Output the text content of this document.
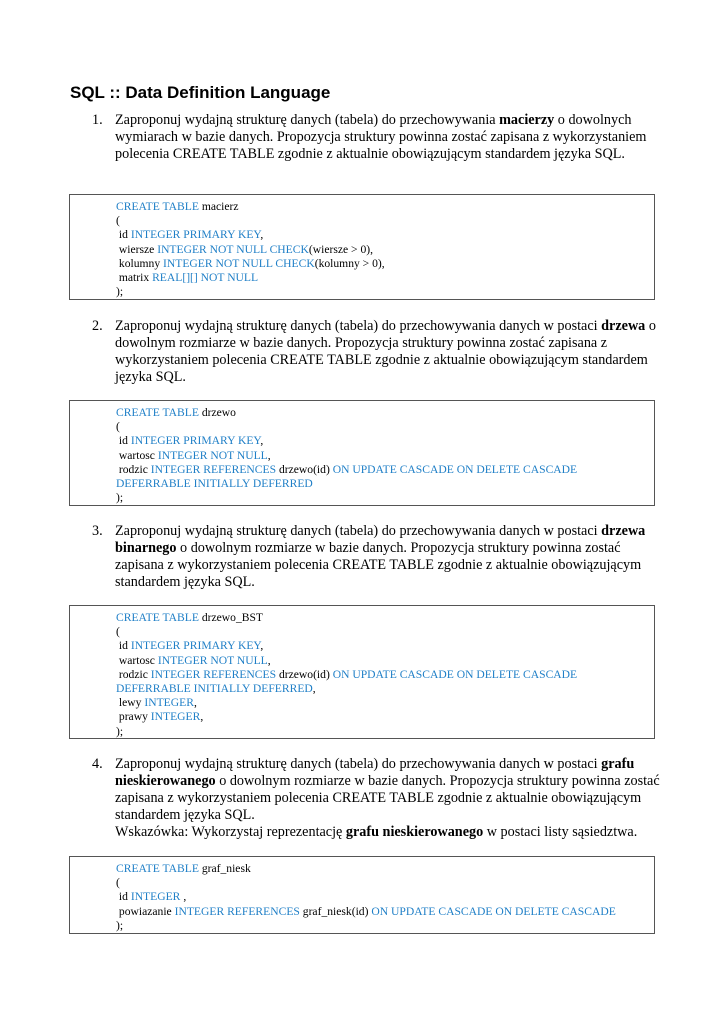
SQL :: Data Definition Language
1. Zaproponuj wydajną strukturę danych (tabela) do przechowywania macierzy o dowolnych wymiarach w bazie danych. Propozycja struktury powinna zostać zapisana z wykorzystaniem polecenia CREATE TABLE zgodnie z aktualnie obowiązującym standardem języka SQL.
CREATE TABLE macierz
(
id INTEGER PRIMARY KEY,
wiersze INTEGER NOT NULL CHECK(wiersze > 0),
kolumny INTEGER NOT NULL CHECK(kolumny > 0),
matrix REAL[][] NOT NULL
);
2. Zaproponuj wydajną strukturę danych (tabela) do przechowywania danych w postaci drzewa o dowolnym rozmiarze w bazie danych. Propozycja struktury powinna zostać zapisana z wykorzystaniem polecenia CREATE TABLE zgodnie z aktualnie obowiązującym standardem języka SQL.
CREATE TABLE drzewo
(
id INTEGER PRIMARY KEY,
wartosc INTEGER NOT NULL,
rodzic INTEGER REFERENCES drzewo(id) ON UPDATE CASCADE ON DELETE CASCADE
DEFERRABLE INITIALLY DEFERRED
);
3. Zaproponuj wydajną strukturę danych (tabela) do przechowywania danych w postaci drzewa binarnego o dowolnym rozmiarze w bazie danych. Propozycja struktury powinna zostać zapisana z wykorzystaniem polecenia CREATE TABLE zgodnie z aktualnie obowiązującym standardem języka SQL.
CREATE TABLE drzewo_BST
(
id INTEGER PRIMARY KEY,
wartosc INTEGER NOT NULL,
rodzic INTEGER REFERENCES drzewo(id) ON UPDATE CASCADE ON DELETE CASCADE
DEFERRABLE INITIALLY DEFERRED,
lewy INTEGER,
prawy INTEGER,
);
4. Zaproponuj wydajną strukturę danych (tabela) do przechowywania danych w postaci grafu nieskierowanego o dowolnym rozmiarze w bazie danych. Propozycja struktury powinna zostać zapisana z wykorzystaniem polecenia CREATE TABLE zgodnie z aktualnie obowiązującym standardem języka SQL.
Wskazówka: Wykorzystaj reprezentację grafu nieskierowanego w postaci listy sąsiedztwa.
CREATE TABLE graf_niesk
(
id INTEGER ,
powiazanie INTEGER REFERENCES graf_niesk(id) ON UPDATE CASCADE ON DELETE CASCADE
);
